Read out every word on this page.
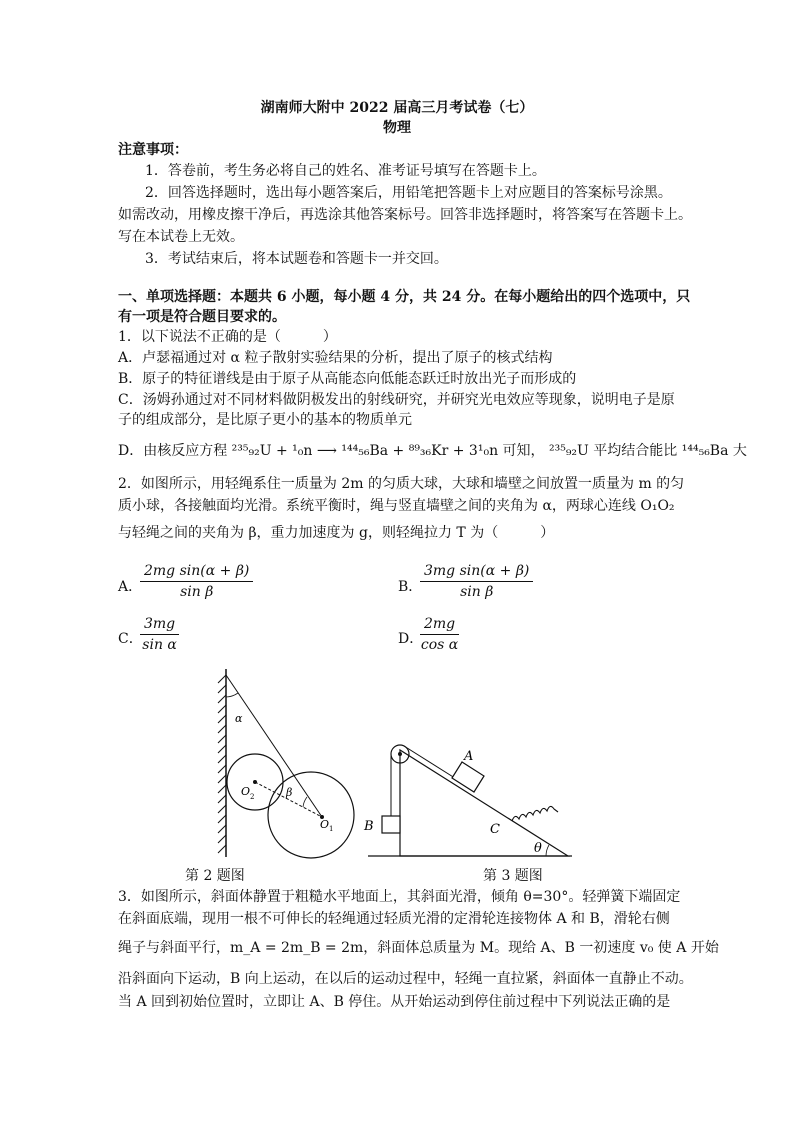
湖南师大附中 2022 届高三月考试卷（七）
物理
注意事项：
1．答卷前，考生务必将自己的姓名、准考证号填写在答题卡上。
2．回答选择题时，选出每小题答案后，用铅笔把答题卡上对应题目的答案标号涂黑。
如需改动，用橡皮擦干净后，再选涂其他答案标号。回答非选择题时，将答案写在答题卡上。
写在本试卷上无效。
3．考试结束后，将本试题卷和答题卡一并交回。
一、单项选择题：本题共 6 小题，每小题 4 分，共 24 分。在每小题给出的四个选项中，只
有一项是符合题目要求的。
1．以下说法不正确的是（　　　）
A．卢瑟福通过对 α 粒子散射实验结果的分析，提出了原子的核式结构
B．原子的特征谱线是由于原子从高能态向低能态跃迁时放出光子而形成的
C．汤姆孙通过对不同材料做阴极发出的射线研究，并研究光电效应等现象，说明电子是原
子的组成部分，是比原子更小的基本的物质单元
D．由核反应方程 ²³⁵₉₂U + ¹₀n ⟶ ¹⁴⁴₅₆Ba + ⁸⁹₃₆Kr + 3¹₀n 可知， ²³⁵₉₂U 平均结合能比 ¹⁴⁴₅₆Ba 大
2．如图所示，用轻绳系住一质量为 2m 的匀质大球，大球和墙壁之间放置一质量为 m 的匀
质小球，各接触面均光滑。系统平衡时，绳与竖直墙壁之间的夹角为 α，两球心连线 O₁O₂
与轻绳之间的夹角为 β，重力加速度为 g，则轻绳拉力 T 为（　　　）
A．
$\frac{\text{2mg sin(α + β)}}{\text{sin β}}$	B．
$\frac{\text{3mg sin(α + β)}}{\text{sin β}}$
C．
$\frac{3mg}{\text{sin α}}$	D．
$\frac{2mg}{\text{cos α}}$
α
β
O 2
O 1
第 2 题图
B
A
C
θ
第 3 题图
3．如图所示，斜面体静置于粗糙水平地面上，其斜面光滑，倾角 θ=30°。轻弹簧下端固定
在斜面底端，现用一根不可伸长的轻绳通过轻质光滑的定滑轮连接物体 A 和 B，滑轮右侧
绳子与斜面平行，m_A = 2m_B = 2m，斜面体总质量为 M。现给 A、B 一初速度 v₀ 使 A 开始
沿斜面向下运动，B 向上运动，在以后的运动过程中，轻绳一直拉紧，斜面体一直静止不动。
当 A 回到初始位置时，立即让 A、B 停住。从开始运动到停住前过程中下列说法正确的是
